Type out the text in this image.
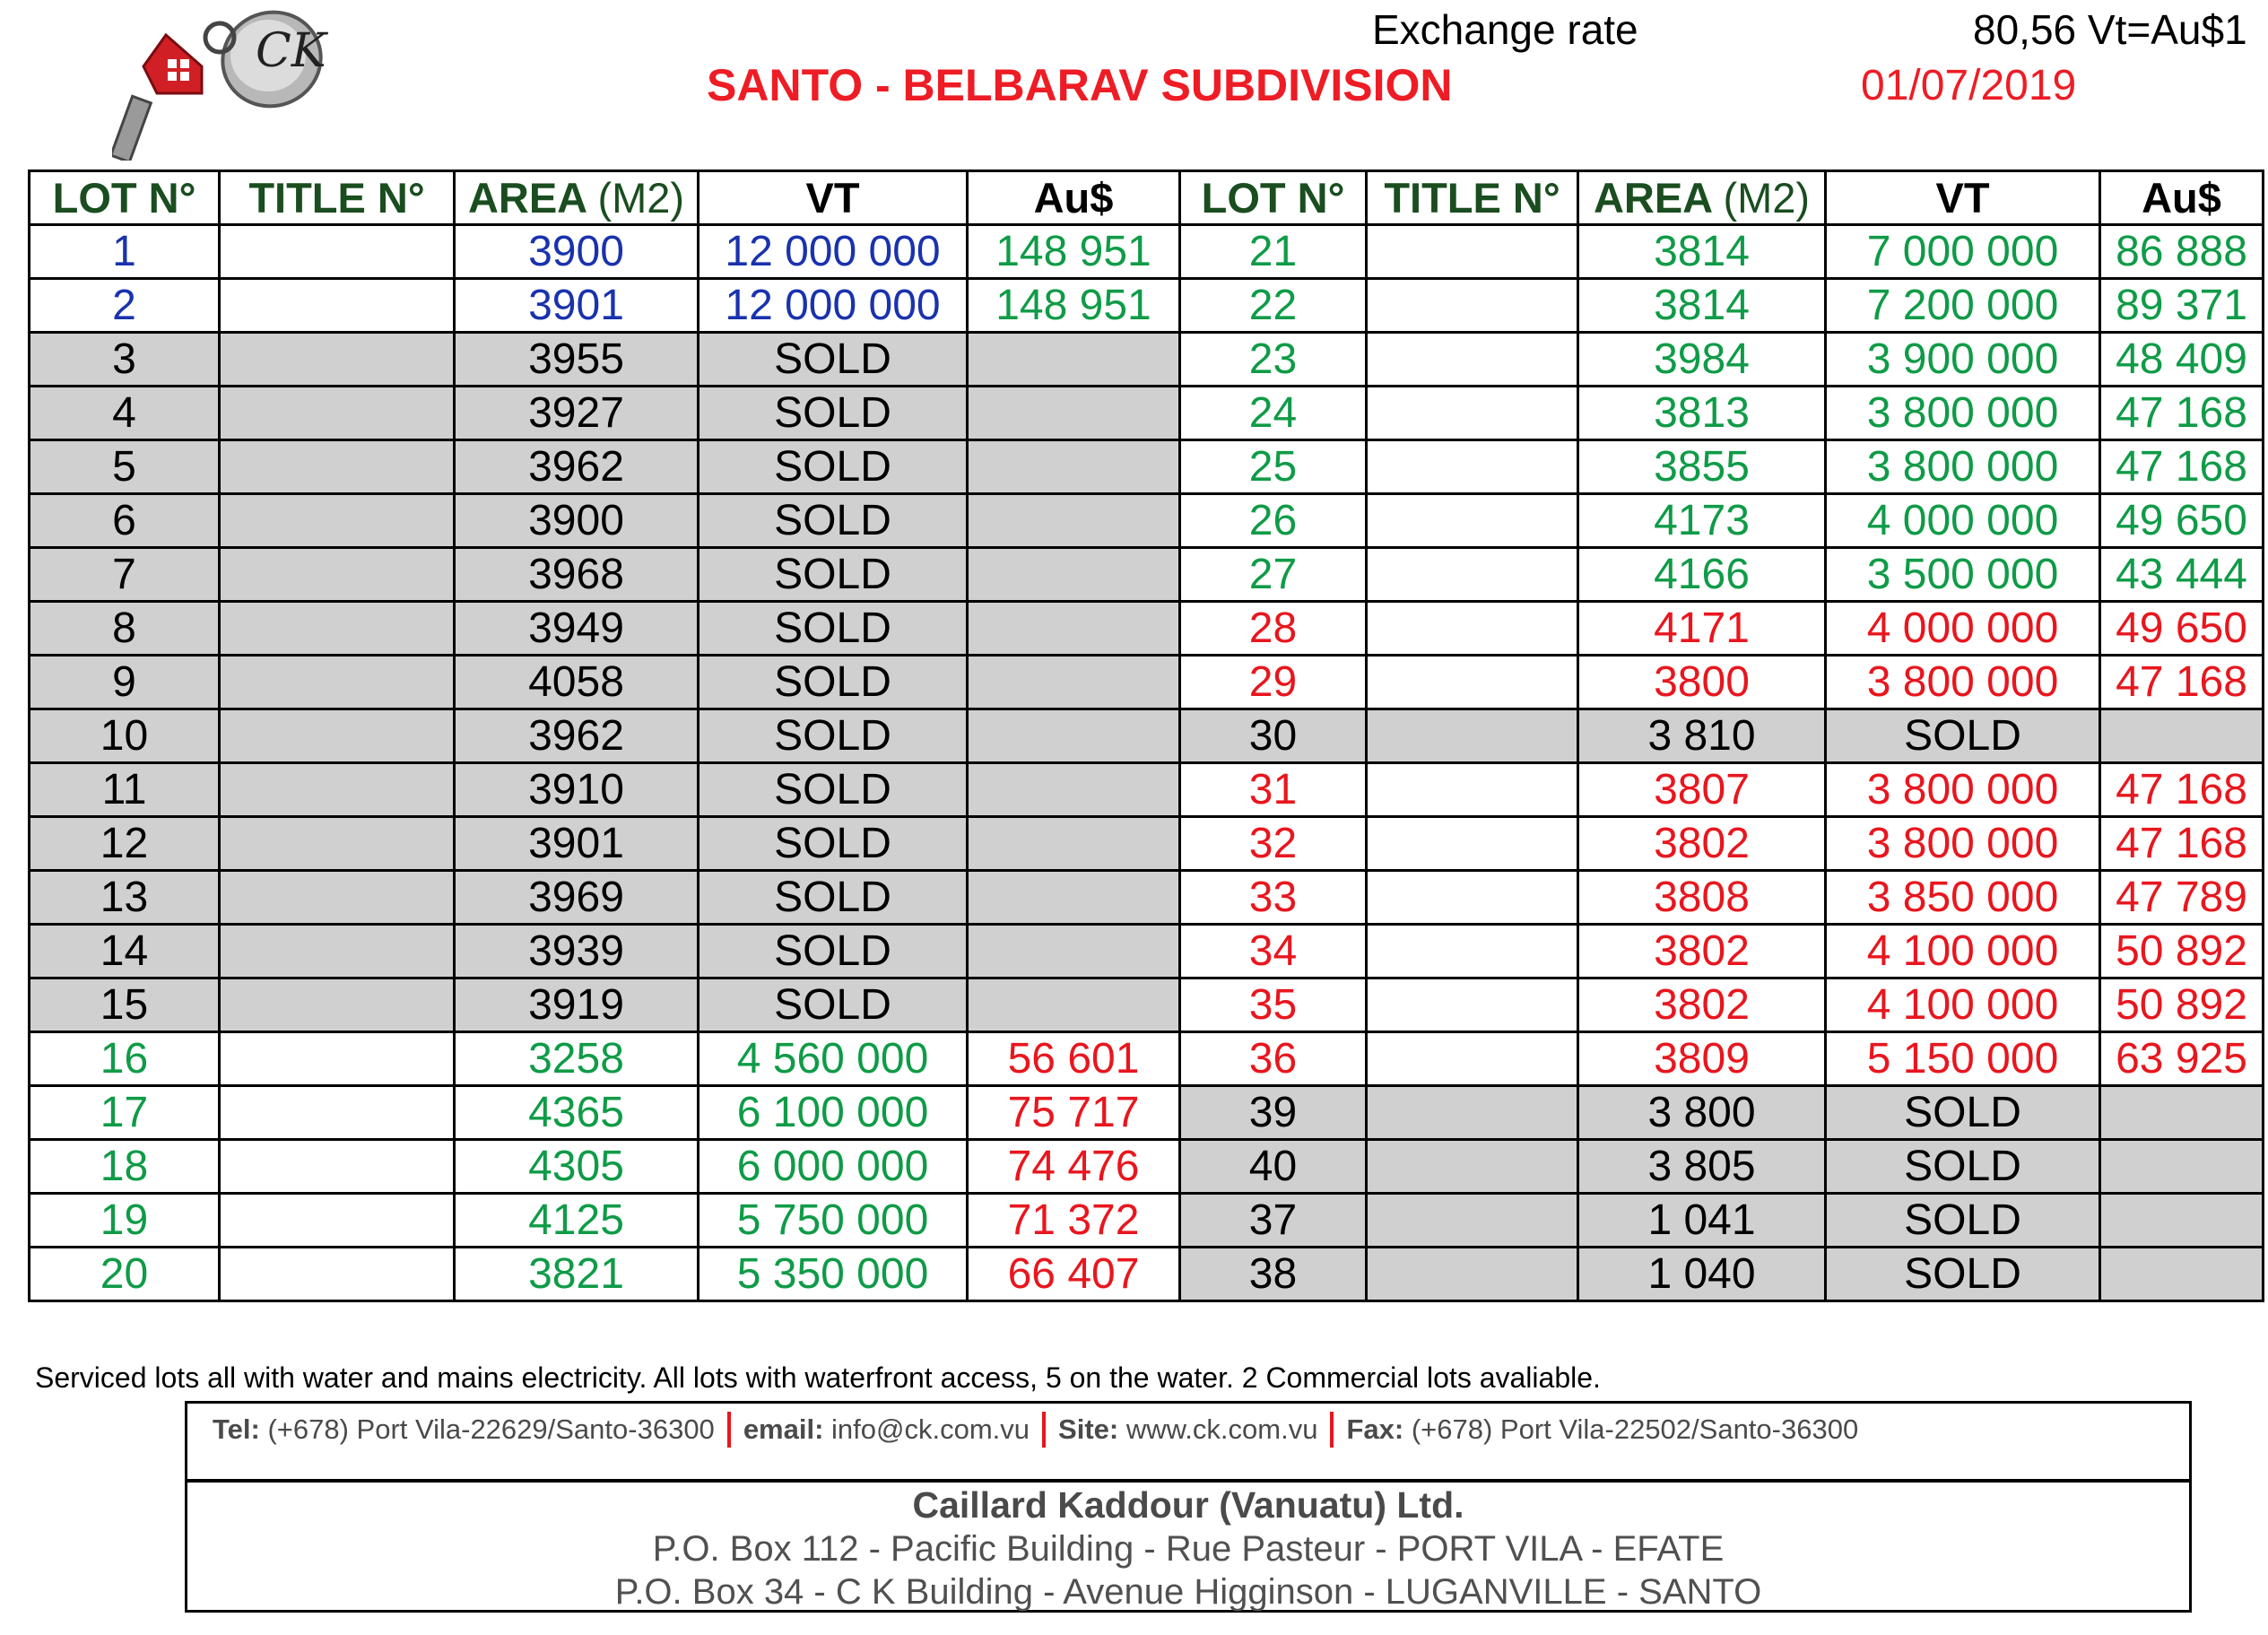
CK	Exchange rate	80,56 Vt=Au$1
SANTO - BELBARAV SUBDIVISION	01/07/2019
LOT N°	TITLE N°	AREA (M2)	VT	Au$	LOT N°	TITLE N°	AREA (M2)	VT	Au$
1		3900	12 000 000	148 951	21		3814	7 000 000	86 888
2		3901	12 000 000	148 951	22		3814	7 200 000	89 371
3		3955	SOLD		23		3984	3 900 000	48 409
4		3927	SOLD		24		3813	3 800 000	47 168
5		3962	SOLD		25		3855	3 800 000	47 168
6		3900	SOLD		26		4173	4 000 000	49 650
7		3968	SOLD		27		4166	3 500 000	43 444
8		3949	SOLD		28		4171	4 000 000	49 650
9		4058	SOLD		29		3800	3 800 000	47 168
10		3962	SOLD		30		3 810	SOLD	
11		3910	SOLD		31		3807	3 800 000	47 168
12		3901	SOLD		32		3802	3 800 000	47 168
13		3969	SOLD		33		3808	3 850 000	47 789
14		3939	SOLD		34		3802	4 100 000	50 892
15		3919	SOLD		35		3802	4 100 000	50 892
16		3258	4 560 000	56 601	36		3809	5 150 000	63 925
17		4365	6 100 000	75 717	39		3 800	SOLD	
18		4305	6 000 000	74 476	40		3 805	SOLD	
19		4125	5 750 000	71 372	37		1 041	SOLD	
20		3821	5 350 000	66 407	38		1 040	SOLD	
Serviced lots all with water and mains electricity. All lots with waterfront access, 5 on the water. 2 Commercial lots avaliable.
Tel:
(+678) Port Vila-22629/Santo-36300 email:
info@ck.com.vu Site:
www.ck.com.vu Fax:
(+678) Port Vila-22502/Santo-36300
Caillard Kaddour (Vanuatu) Ltd.
P.O. Box 112 - Pacific Building - Rue Pasteur - PORT VILA - EFATE
P.O. Box 34 - C K Building - Avenue Higginson - LUGANVILLE - SANTO
